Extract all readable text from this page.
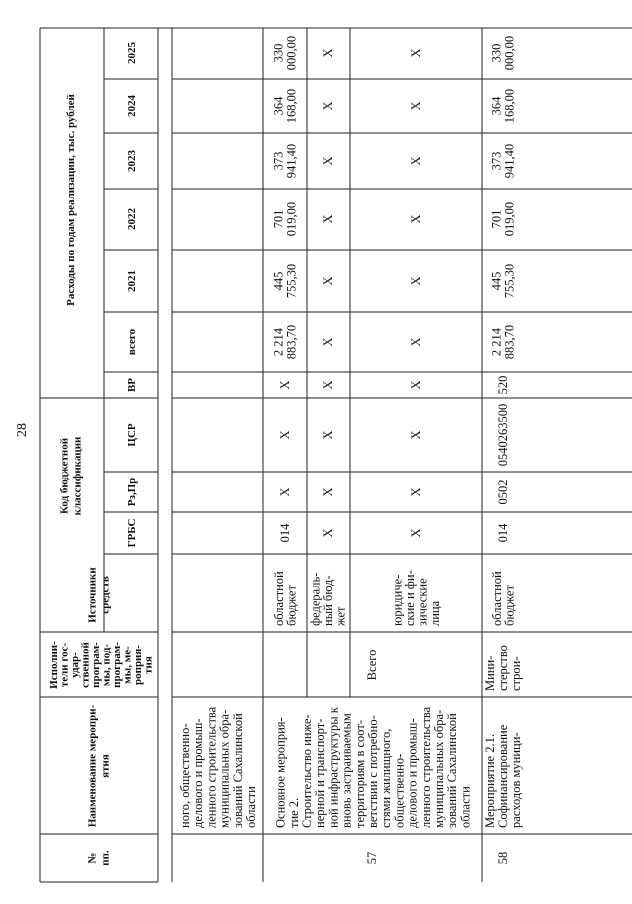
28
№ пп.
Наименование меропри- ятия
Исполни-
тели гос-
удар-
ственной
програм-
мы, под-
програм-
мы, ме-
роприя-
тия
Источники средств
Код бюджетной классификации
ГРБС
Рз,Пр
ЦСР
ВР
Расходы по годам реализации, тыс. рублей
всего
2021
2022
2023
2024
2025
ного, общественно- делового и промыш- ленного строительства муниципальных обра- зований Сахалинской области
57
Основное мероприя- тие 2. Строительство инже- нерной и транспорт- ной инфраструктуры к вновь застраиваемым территориям в соот- ветствии с потребно- стями жилищного, общественно- делового и промыш- ленного строительства муниципальных обра- зований Сахалинской области
Всего
областной
бюджет
014
X
X
X
2 214 883,70
445 755,30
701 019,00
373 941,40
364 168,00
330 000,00
федераль-
ный бюд-
жет
X
X
X
X
X
X
X
X
X
X
юридиче-
ские и фи-
зические
лица
X
X
X
X
X
X
X
X
X
X
58
Мероприятие 2.1. Софинансирование расходов муници-
Мини- стерство строи-
областной
бюджет
014
0502
0540263500
520
2 214 883,70
445 755,30
701 019,00
373 941,40
364 168,00
330 000,00
